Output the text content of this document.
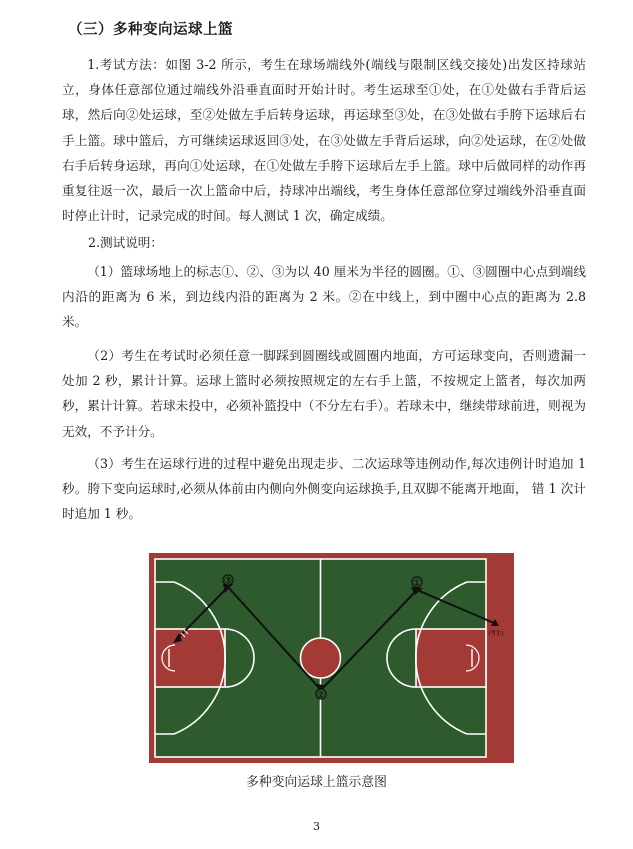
（三）多种变向运球上篮
1.考试方法：如图 3-2 所示，考生在球场端线外(端线与限制区线交接处)出发区持球站立，身体任意部位通过端线外沿垂直面时开始计时。考生运球至①处，在①处做右手背后运球，然后向②处运球，至②处做左手后转身运球，再运球至③处，在③处做右手胯下运球后右手上篮。球中篮后，方可继续运球返回③处，在③处做左手背后运球，向②处运球，在②处做右手后转身运球，再向①处运球，在①处做左手胯下运球后左手上篮。球中后做同样的动作再重复往返一次，最后一次上篮命中后，持球冲出端线，考生身体任意部位穿过端线外沿垂直面时停止计时，记录完成的时间。每人测试 1 次，确定成绩。
2.测试说明：
（1）篮球场地上的标志①、②、③为以 40 厘米为半径的圆圈。①、③圆圈中心点到端线内沿的距离为 6 米，到边线内沿的距离为 2 米。②在中线上，到中圈中心点的距离为 2.8 米。
（2）考生在考试时必须任意一脚踩到圆圈线或圆圈内地面，方可运球变向，否则遗漏一处加 2 秒，累计计算。运球上篮时必须按照规定的左右手上篮，不按规定上篮者，每次加两秒，累计计算。若球未投中，必须补篮投中（不分左右手）。若球未中，继续带球前进，则视为无效，不予计分。
（3）考生在运球行进的过程中避免出现走步、二次运球等违例动作,每次违例计时追加 1 秒。胯下变向运球时,必须从体前由内侧向外侧变向运球换手,且双脚不能离开地面， 错 1 次计时追加 1 秒。
③	①
②
(考生)
多种变向运球上篮示意图
3
